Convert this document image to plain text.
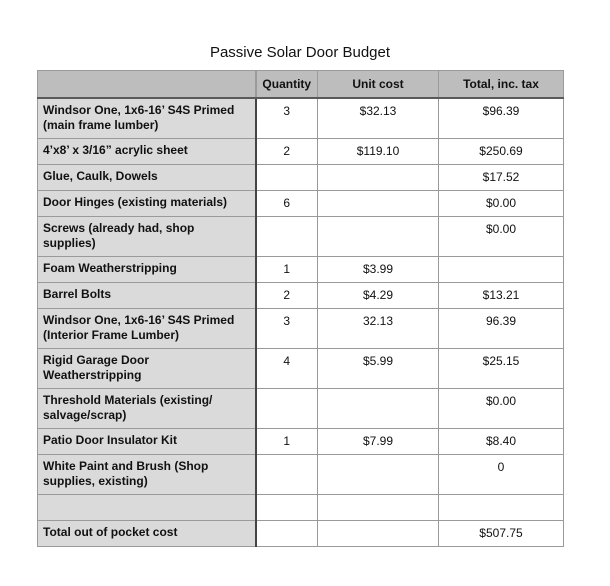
Passive Solar Door Budget
	Quantity	Unit cost	Total, inc. tax
Windsor One, 1x6-16’ S4S Primed (main frame lumber)	3	$32.13	$96.39
4’x8’ x 3/16” acrylic sheet	2	$119.10	$250.69
Glue, Caulk, Dowels			$17.52
Door Hinges (existing materials)	6		$0.00
Screws (already had, shop supplies)			$0.00
Foam Weatherstripping	1	$3.99	
Barrel Bolts	2	$4.29	$13.21
Windsor One, 1x6-16’ S4S Primed (Interior Frame Lumber)	3	32.13	96.39
Rigid Garage Door Weatherstripping	4	$5.99	$25.15
Threshold Materials (existing/ salvage/scrap)			$0.00
Patio Door Insulator Kit	1	$7.99	$8.40
White Paint and Brush (Shop supplies, existing)			0

Total out of pocket cost			$507.75
